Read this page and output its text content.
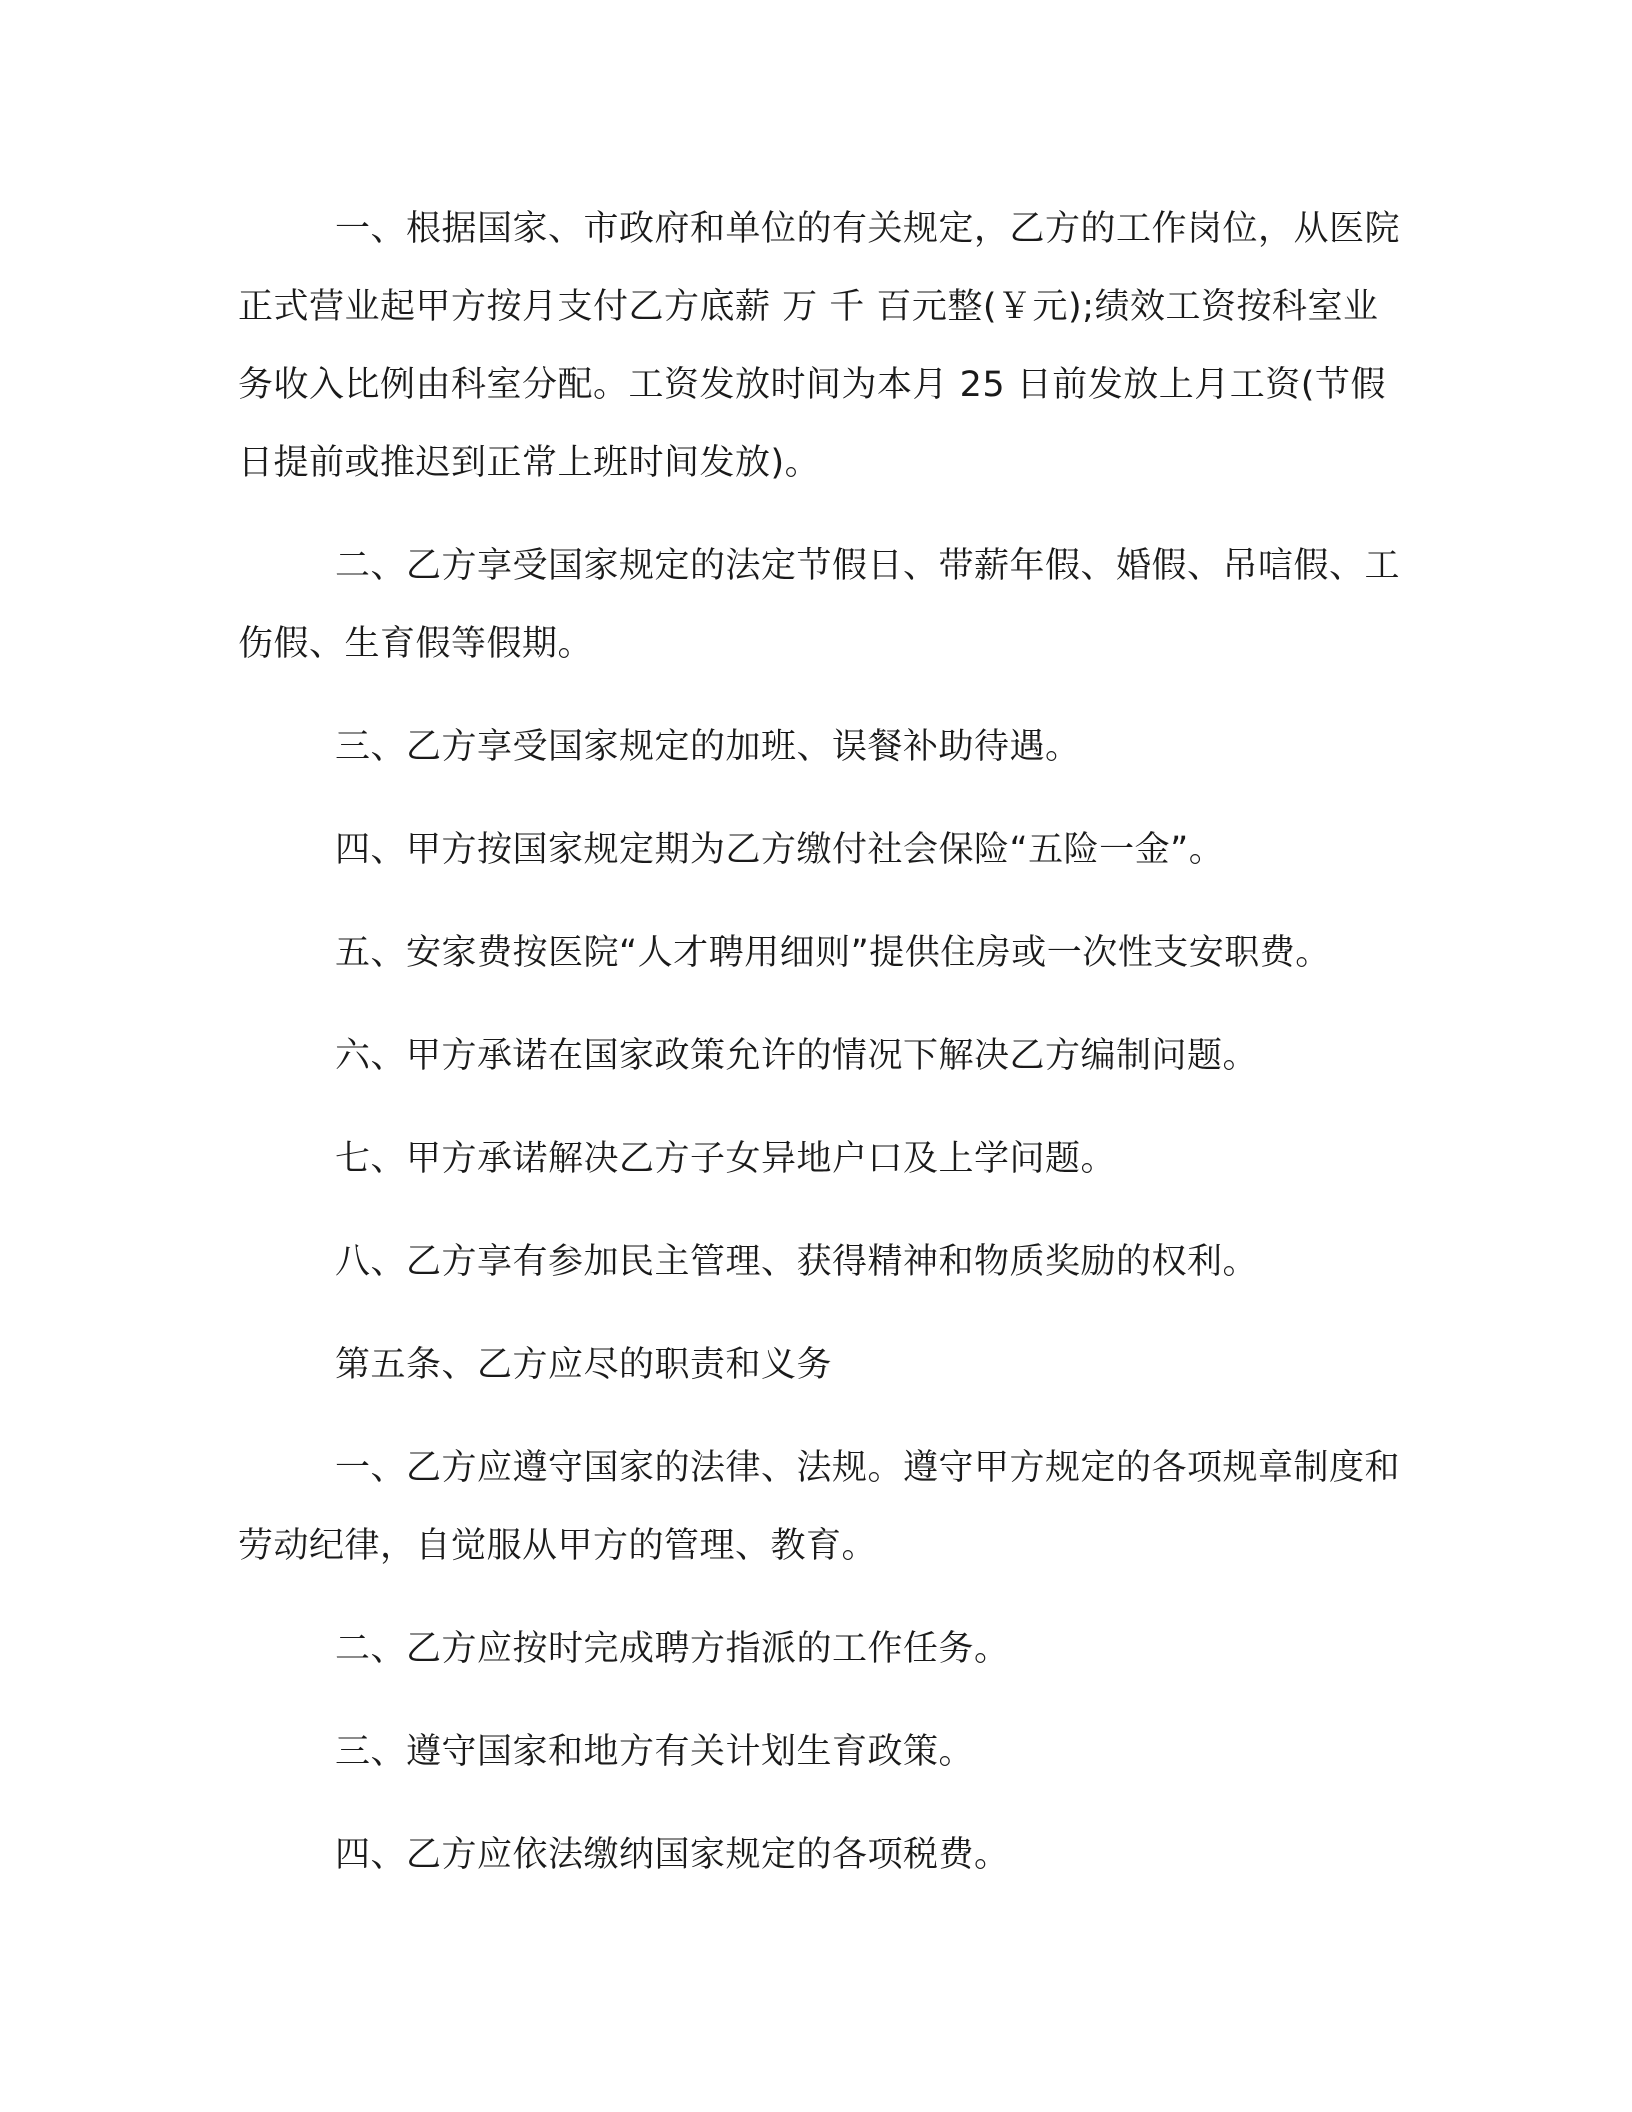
一、根据国家、市政府和单位的有关规定，乙方的工作岗位，从医院正式营业起甲方按月支付乙方底薪 万 千 百元整(￥元);绩效工资按科室业务收入比例由科室分配。工资发放时间为本月 25 日前发放上月工资(节假日提前或推迟到正常上班时间发放)。

二、乙方享受国家规定的法定节假日、带薪年假、婚假、吊唁假、工伤假、生育假等假期。

三、乙方享受国家规定的加班、误餐补助待遇。

四、甲方按国家规定期为乙方缴付社会保险“五险一金”。

五、安家费按医院“人才聘用细则”提供住房或一次性支安职费。

六、甲方承诺在国家政策允许的情况下解决乙方编制问题。

七、甲方承诺解决乙方子女异地户口及上学问题。

八、乙方享有参加民主管理、获得精神和物质奖励的权利。

第五条、乙方应尽的职责和义务

一、乙方应遵守国家的法律、法规。遵守甲方规定的各项规章制度和劳动纪律，自觉服从甲方的管理、教育。

二、乙方应按时完成聘方指派的工作任务。

三、遵守国家和地方有关计划生育政策。

四、乙方应依法缴纳国家规定的各项税费。
